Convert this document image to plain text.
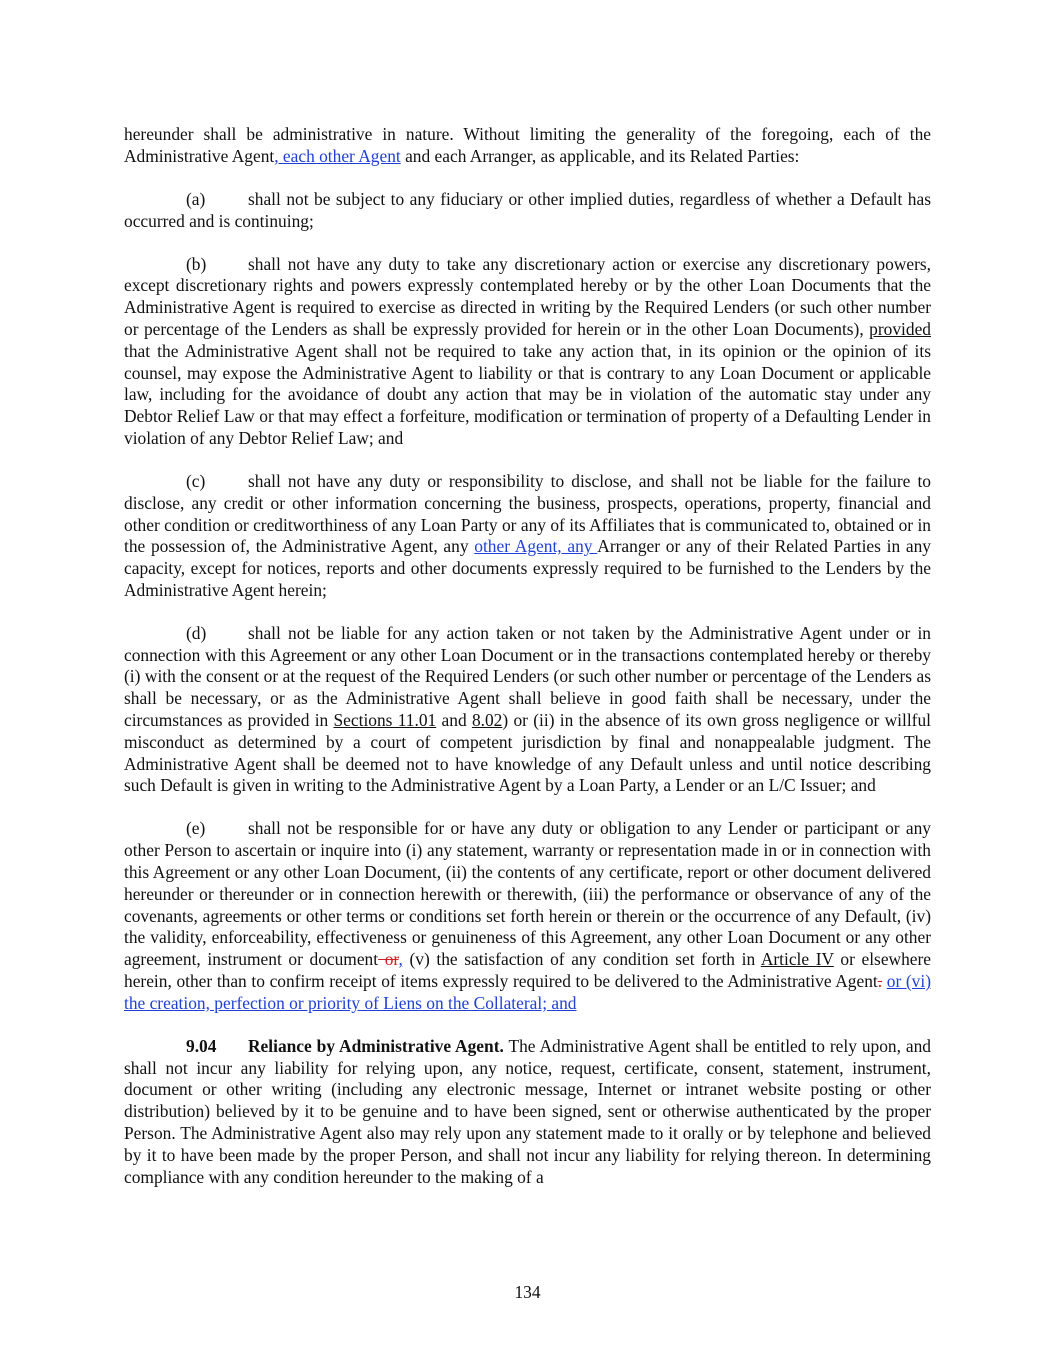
hereunder shall be administrative in nature. Without limiting the generality of the foregoing, each of the Administrative Agent, each other Agent and each Arranger, as applicable, and its Related Parties:

(a) shall not be subject to any fiduciary or other implied duties, regardless of whether a Default has occurred and is continuing;

(b) shall not have any duty to take any discretionary action or exercise any discretionary powers, except discretionary rights and powers expressly contemplated hereby or by the other Loan Documents that the Administrative Agent is required to exercise as directed in writing by the Required Lenders (or such other number or percentage of the Lenders as shall be expressly provided for herein or in the other Loan Documents), provided that the Administrative Agent shall not be required to take any action that, in its opinion or the opinion of its counsel, may expose the Administrative Agent to liability or that is contrary to any Loan Document or applicable law, including for the avoidance of doubt any action that may be in violation of the automatic stay under any Debtor Relief Law or that may effect a forfeiture, modification or termination of property of a Defaulting Lender in violation of any Debtor Relief Law; and

(c) shall not have any duty or responsibility to disclose, and shall not be liable for the failure to disclose, any credit or other information concerning the business, prospects, operations, property, financial and other condition or creditworthiness of any Loan Party or any of its Affiliates that is communicated to, obtained or in the possession of, the Administrative Agent, any other Agent, any Arranger or any of their Related Parties in any capacity, except for notices, reports and other documents expressly required to be furnished to the Lenders by the Administrative Agent herein;

(d) shall not be liable for any action taken or not taken by the Administrative Agent under or in connection with this Agreement or any other Loan Document or in the transactions contemplated hereby or thereby (i) with the consent or at the request of the Required Lenders (or such other number or percentage of the Lenders as shall be necessary, or as the Administrative Agent shall believe in good faith shall be necessary, under the circumstances as provided in Sections 11.01 and 8.02) or (ii) in the absence of its own gross negligence or willful misconduct as determined by a court of competent jurisdiction by final and nonappealable judgment. The Administrative Agent shall be deemed not to have knowledge of any Default unless and until notice describing such Default is given in writing to the Administrative Agent by a Loan Party, a Lender or an L/C Issuer; and

(e) shall not be responsible for or have any duty or obligation to any Lender or participant or any other Person to ascertain or inquire into (i) any statement, warranty or representation made in or in connection with this Agreement or any other Loan Document, (ii) the contents of any certificate, report or other document delivered hereunder or thereunder or in connection herewith or therewith, (iii) the performance or observance of any of the covenants, agreements or other terms or conditions set forth herein or therein or the occurrence of any Default, (iv) the validity, enforceability, effectiveness or genuineness of this Agreement, any other Loan Document or any other agreement, instrument or document or, (v) the satisfaction of any condition set forth in Article IV or elsewhere herein, other than to confirm receipt of items expressly required to be delivered to the Administrative Agent. or (vi) the creation, perfection or priority of Liens on the Collateral; and

9.04 Reliance by Administrative Agent. The Administrative Agent shall be entitled to rely upon, and shall not incur any liability for relying upon, any notice, request, certificate, consent, statement, instrument, document or other writing (including any electronic message, Internet or intranet website posting or other distribution) believed by it to be genuine and to have been signed, sent or otherwise authenticated by the proper Person. The Administrative Agent also may rely upon any statement made to it orally or by telephone and believed by it to have been made by the proper Person, and shall not incur any liability for relying thereon. In determining compliance with any condition hereunder to the making of a

134
